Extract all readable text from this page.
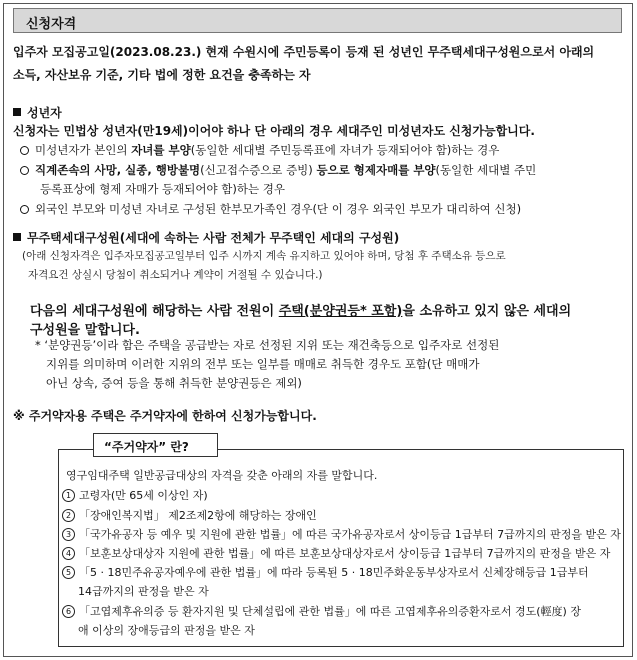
신청자격
입주자 모집공고일(2023.08.23.) 현재 수원시에 주민등록이 등재 된 성년인 무주택세대구성원으로서 아래의
소득, 자산보유 기준, 기타 법에 정한 요건을 충족하는 자
성년자
신청자는 민법상 성년자(만19세)이어야 하나 단 아래의 경우 세대주인 미성년자도 신청가능합니다.
미성년자가 본인의 자녀를 부양(동일한 세대별 주민등록표에 자녀가 등재되어야 함)하는 경우
직계존속의 사망, 실종, 행방불명(신고접수증으로 증빙) 등으로 형제자매를 부양(동일한 세대별 주민
등록표상에 형제 자매가 등재되어야 함)하는 경우
외국인 부모와 미성년 자녀로 구성된 한부모가족인 경우(단 이 경우 외국인 부모가 대리하여 신청)
무주택세대구성원(세대에 속하는 사람 전체가 무주택인 세대의 구성원)
(아래 신청자격은 입주자모집공고일부터 입주 시까지 계속 유지하고 있어야 하며, 당첨 후 주택소유 등으로
자격요건 상실시 당첨이 취소되거나 계약이 거절될 수 있습니다.)
다음의 세대구성원에 해당하는 사람 전원이 주택(분양권등* 포함)을 소유하고 있지 않은 세대의
구성원을 말합니다.
* ‘분양권등’이라 함은 주택을 공급받는 자로 선정된 지위 또는 재건축등으로 입주자로 선정된
지위를 의미하며 이러한 지위의 전부 또는 일부를 매매로 취득한 경우도 포함(단 매매가
아닌 상속, 증여 등을 통해 취득한 분양권등은 제외)
※ 주거약자용 주택은 주거약자에 한하여 신청가능합니다.
“주거약자” 란?
영구임대주택 일반공급대상의 자격을 갖춘 아래의 자를 말합니다.
1 고령자(만 65세 이상인 자)
2 「장애인복지법」 제2조제2항에 해당하는 장애인
3 「국가유공자 등 예우 및 지원에 관한 법률」에 따른 국가유공자로서 상이등급 1급부터 7급까지의 판정을 받은 자
4 「보훈보상대상자 지원에 관한 법률」에 따른 보훈보상대상자로서 상이등급 1급부터 7급까지의 판정을 받은 자
5 「5 · 18민주유공자예우에 관한 법률」에 따라 등록된 5 · 18민주화운동부상자로서 신체장해등급 1급부터
14급까지의 판정을 받은 자
6 「고엽제후유의증 등 환자지원 및 단체설립에 관한 법률」에 따른 고엽제후유의증환자로서 경도(輕度) 장
애 이상의 장애등급의 판정을 받은 자
